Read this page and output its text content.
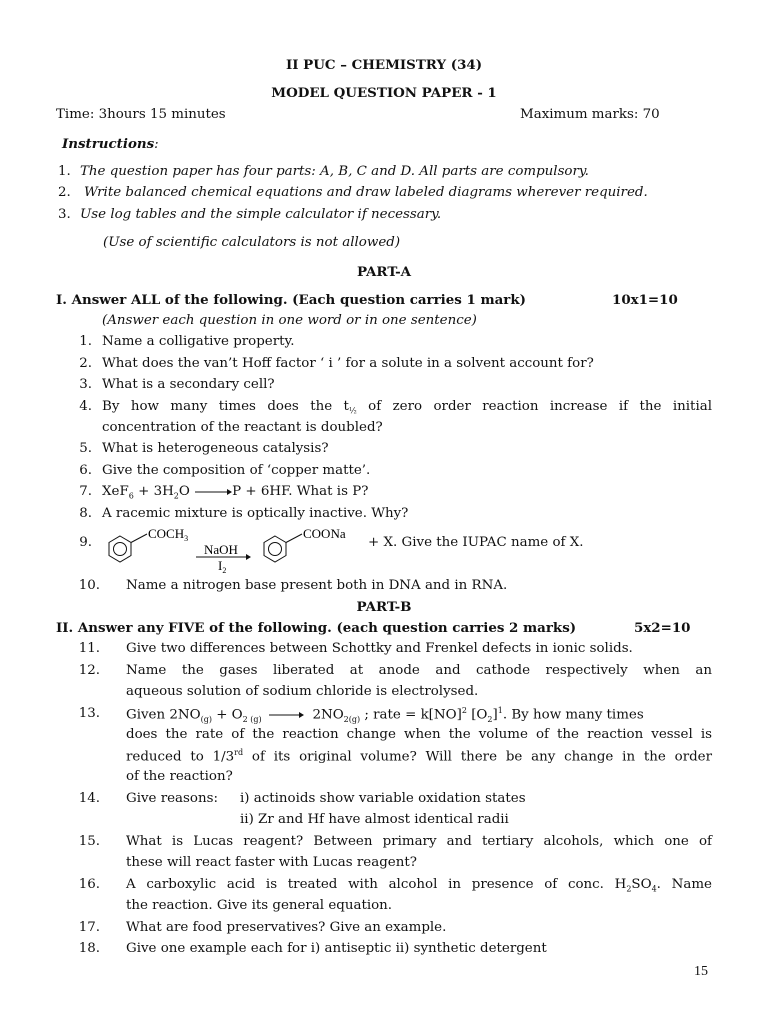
II PUC – CHEMISTRY (34)
MODEL QUESTION PAPER - 1
Time: 3hours 15 minutes	Maximum marks: 70
Instructions:
1. The question paper has four parts: A, B, C and D. All parts are compulsory.
2. Write balanced chemical equations and draw labeled diagrams wherever required.
3. Use log tables and the simple calculator if necessary.
(Use of scientific calculators is not allowed)
PART-A
I. Answer ALL of the following. (Each question carries 1 mark)	10x1=10
(Answer each question in one word or in one sentence)
1. Name a colligative property.
2. What does the van’t Hoff factor ‘ i ’ for a solute in a solvent account for?
3. What is a secondary cell?
4. By how many times does the $t_{\frac{1}{2}}$ of zero order reaction increase if the initial
concentration of the reactant is doubled?
5. What is heterogeneous catalysis?
6. Give the composition of ‘copper matte’.
7. $XeF_6 + 3H_2O \to P + 6HF$. What is P?
8. A racemic mixture is optically inactive. Why?
9.
$COCH_3$
NaOH
$I_2$
COONa
+ X. Give the IUPAC name of X.
10. Name a nitrogen base present both in DNA and in RNA.
PART-B
II. Answer any FIVE of the following. (each question carries 2 marks)	5x2=10
11. Give two differences between Schottky and Frenkel defects in ionic solids.
12. Name the gases liberated at anode and cathode respectively when an
aqueous solution of sodium chloride is electrolysed.
13. Given $2NO_{(g)} + O_{2 (g)} \to 2NO_{2(g)}$ ; rate = k[NO]$^2$ $[O_2]^1$. By how many times
does the rate of the reaction change when the volume of the reaction vessel is
reduced to 1/3rd of its original volume? Will there be any change in the order
of the reaction?
14. Give reasons: i) actinoids show variable oxidation states
ii) Zr and Hf have almost identical radii
15. What is Lucas reagent? Between primary and tertiary alcohols, which one of
these will react faster with Lucas reagent?
16. A carboxylic acid is treated with alcohol in presence of conc. $H_2SO_4$. Name
the reaction. Give its general equation.
17. What are food preservatives? Give an example.
18. Give one example each for i) antiseptic ii) synthetic detergent
15
